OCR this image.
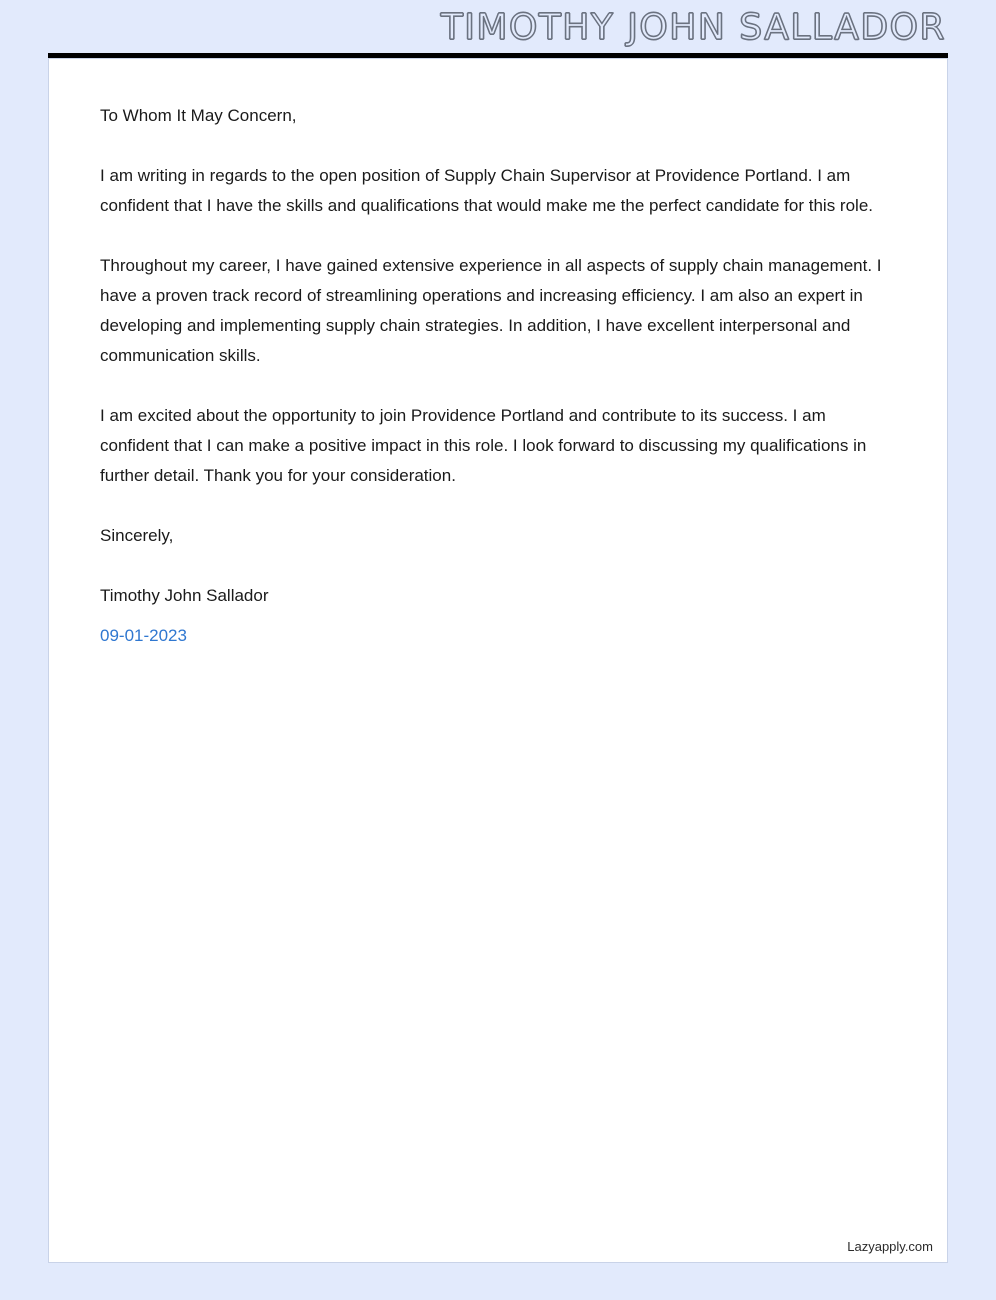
TIMOTHY JOHN SALLADOR

To Whom It May Concern,

I am writing in regards to the open position of Supply Chain Supervisor at Providence Portland. I am confident that I have the skills and qualifications that would make me the perfect candidate for this role.

Throughout my career, I have gained extensive experience in all aspects of supply chain management. I have a proven track record of streamlining operations and increasing efficiency. I am also an expert in developing and implementing supply chain strategies. In addition, I have excellent interpersonal and communication skills.

I am excited about the opportunity to join Providence Portland and contribute to its success. I am confident that I can make a positive impact in this role. I look forward to discussing my qualifications in further detail. Thank you for your consideration.

Sincerely,

Timothy John Sallador

09-01-2023

Lazyapply.com
